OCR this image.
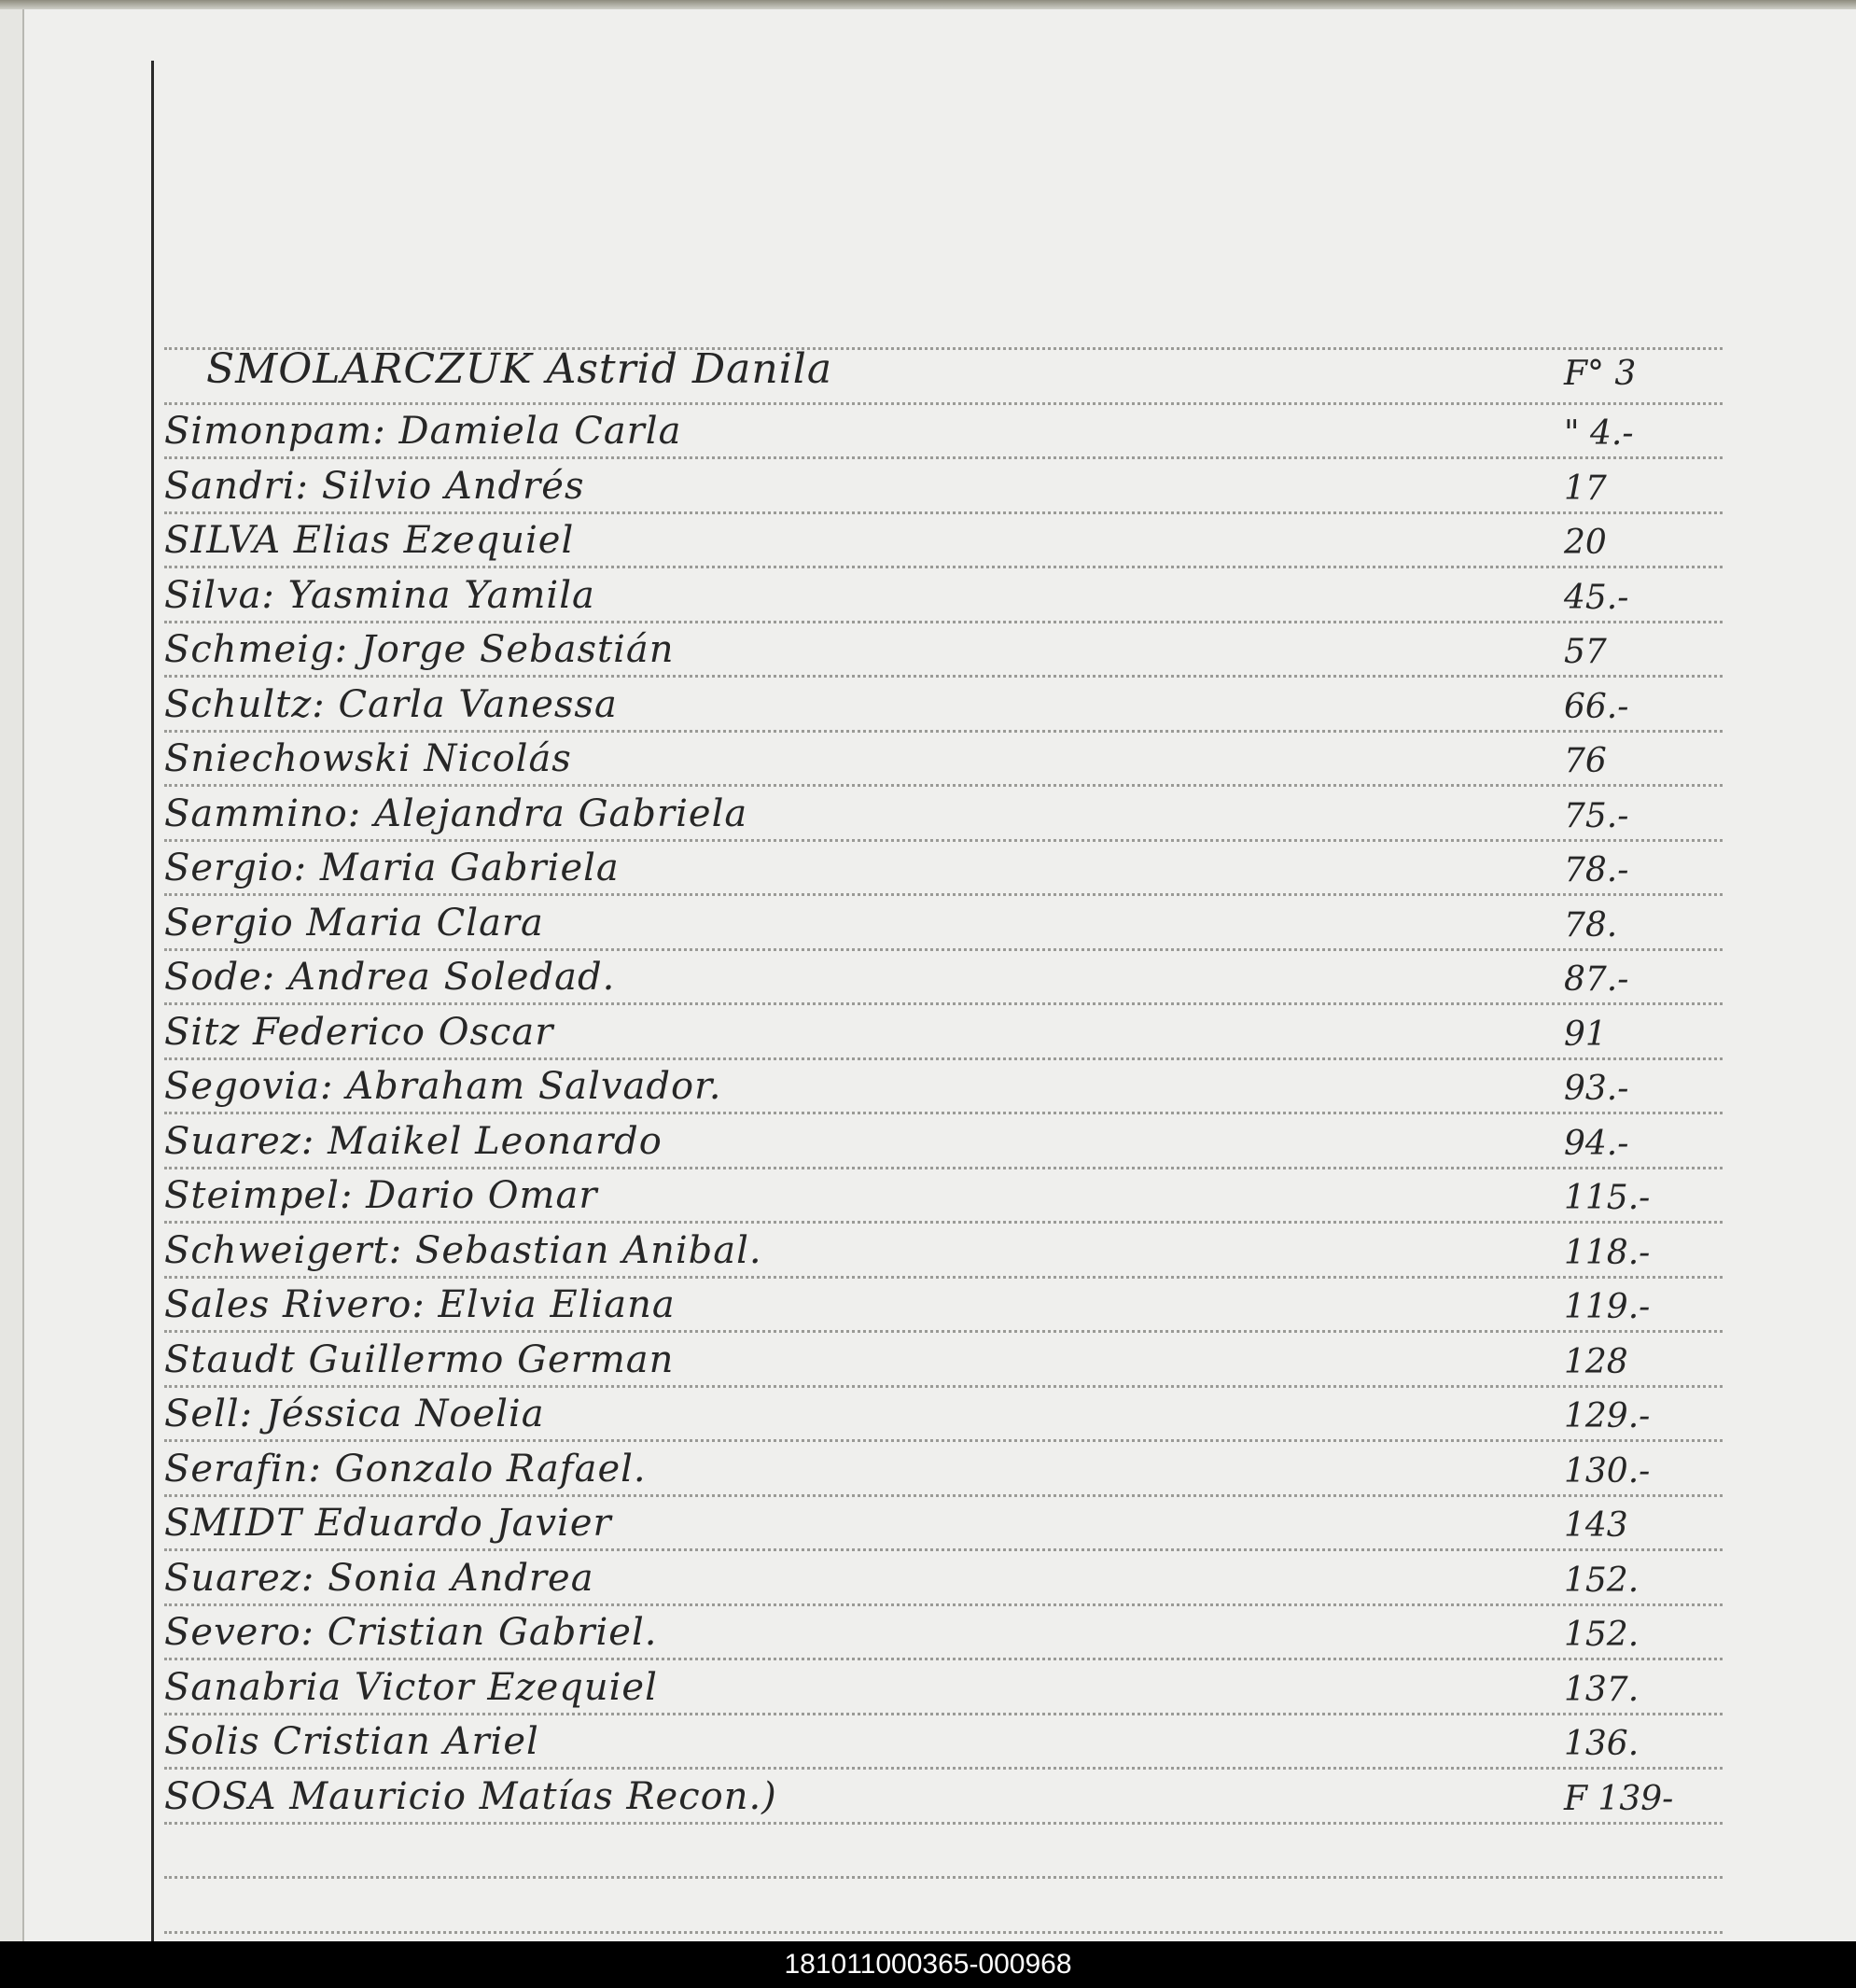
SMOLARCZUK Astrid Danila	F° 3
Simonpam: Damiela Carla	" 4.-
Sandri: Silvio Andrés	17
SILVA Elias Ezequiel	20
Silva: Yasmina Yamila	45.-
Schmeig: Jorge Sebastián	57
Schultz: Carla Vanessa	66.-
Sniechowski Nicolás	76
Sammino: Alejandra Gabriela	75.-
Sergio: Maria Gabriela	78.-
Sergio Maria Clara	78.
Sode: Andrea Soledad.	87.-
Sitz Federico Oscar	91
Segovia: Abraham Salvador.	93.-
Suarez: Maikel Leonardo	94.-
Steimpel: Dario Omar	115.-
Schweigert: Sebastian Anibal.	118.-
Sales Rivero: Elvia Eliana	119.-
Staudt Guillermo German	128
Sell: Jéssica Noelia	129.-
Serafin: Gonzalo Rafael.	130.-
SMIDT Eduardo Javier	143
Suarez: Sonia Andrea	152.
Severo: Cristian Gabriel.	152.
Sanabria Victor Ezequiel	137.
Solis Cristian Ariel	136.
SOSA Mauricio Matías Recon.)	F 139-
181011000365-000968
